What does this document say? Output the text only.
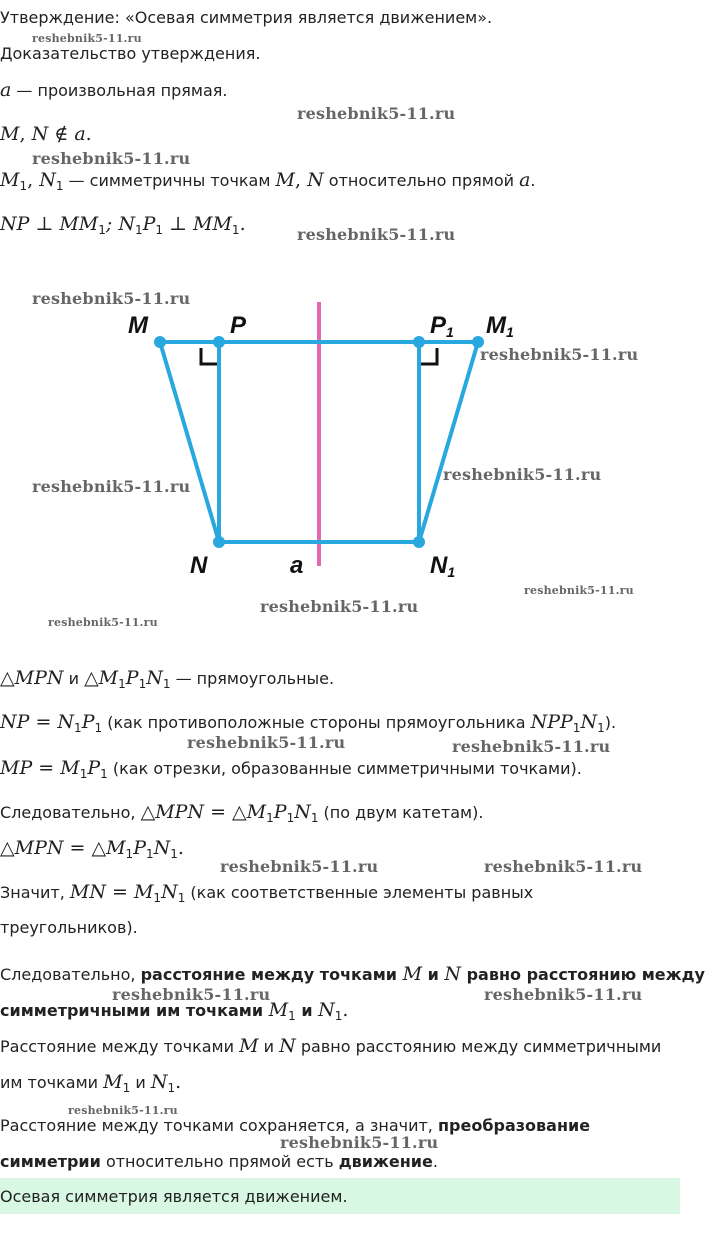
Утверждение: «Осевая симметрия является движением».
Доказательство утверждения.
a — произвольная прямая.
M, N ∉ a.
$M_1$, $N_1$ — симметричны точкам M, N относительно прямой a.
NP ⊥ $MM_1$; $N_1P_1$ ⊥ $MM_1$.
M	P	P1 M1
N	a	N1
△MPN и $\triangle M_1P_1N_1$ — прямоугольные.
NP = $N_1P_1$ (как противоположные стороны прямоугольника $NPP_1N_1$).
MP = $M_1P_1$ (как отрезки, образованные симметричными точками).
Следовательно, △MPN = $\triangle M_1P_1N_1$ (по двум катетам).
△MPN = $\triangle M_1P_1N_1$.
Значит, MN = $M_1N_1$ (как соответственные элементы равных
треугольников).
Следовательно, расстояние между точками M и N равно расстоянию между
симметричными им точками $M_1$ и $N_1$.
Расстояние между точками M и N равно расстоянию между симметричными
им точками $M_1$ и $N_1$.
Расстояние между точками сохраняется, а значит, преобразование
симметрии относительно прямой есть движение.
Осевая симметрия является движением.
reshebnik5-11.ru
reshebnik5-11.ru
reshebnik5-11.ru
reshebnik5-11.ru
reshebnik5-11.ru
reshebnik5-11.ru
reshebnik5-11.ru
reshebnik5-11.ru
reshebnik5-11.ru
reshebnik5-11.ru
reshebnik5-11.ru
reshebnik5-11.ru	reshebnik5-11.ru
reshebnik5-11.ru	reshebnik5-11.ru
reshebnik5-11.ru	reshebnik5-11.ru
reshebnik5-11.ru
reshebnik5-11.ru
